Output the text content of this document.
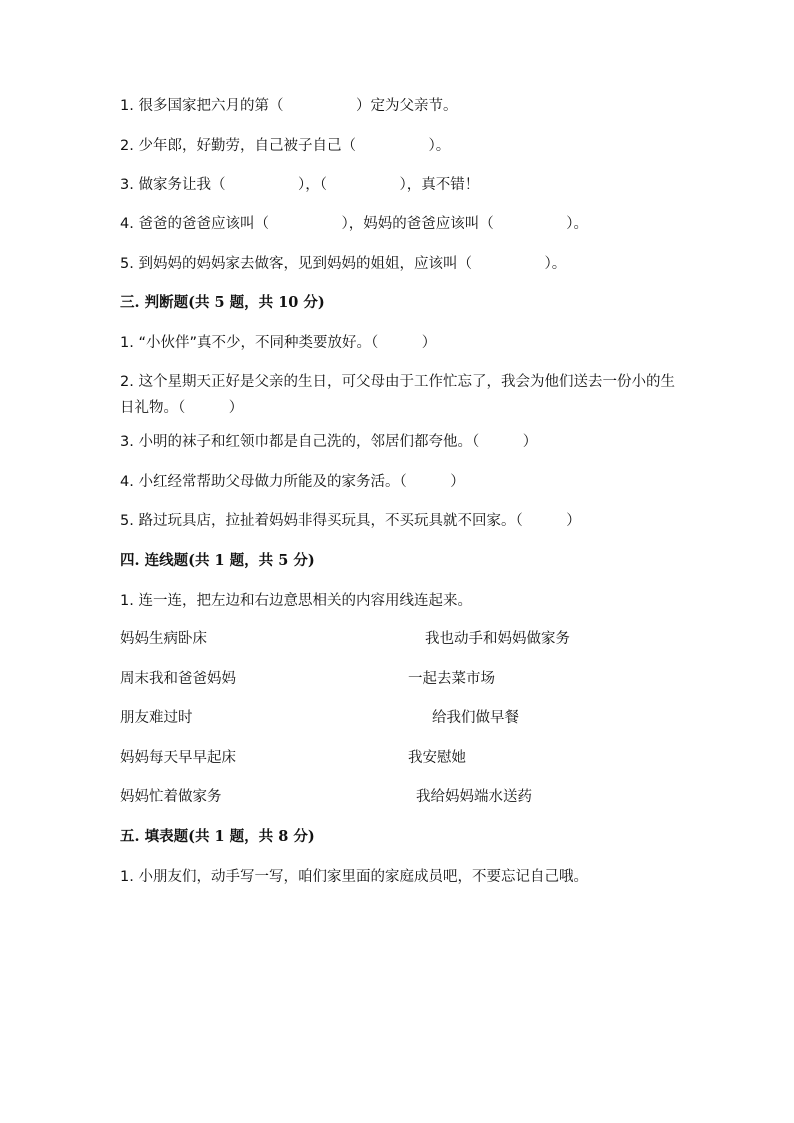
1. 很多国家把六月的第（　　　　　）定为父亲节。
2. 少年郎，好勤劳，自己被子自己（　　　　　）。
3. 做家务让我（　　　　　），（　　　　　），真不错！
4. 爸爸的爸爸应该叫（　　　　　），妈妈的爸爸应该叫（　　　　　）。
5. 到妈妈的妈妈家去做客，见到妈妈的姐姐，应该叫（　　　　　）。
三. 判断题(共 5 题，共 10 分)
1. “小伙伴”真不少，不同种类要放好。（　　　）
2. 这个星期天正好是父亲的生日，可父母由于工作忙忘了，我会为他们送去一份小的生日礼物。（　　　）
3. 小明的袜子和红领巾都是自己洗的，邻居们都夸他。（　　　）
4. 小红经常帮助父母做力所能及的家务活。（　　　）
5. 路过玩具店，拉扯着妈妈非得买玩具，不买玩具就不回家。（　　　）
四. 连线题(共 1 题，共 5 分)
1. 连一连，把左边和右边意思相关的内容用线连起来。
妈妈生病卧床	我也动手和妈妈做家务
周末我和爸爸妈妈	一起去菜市场
朋友难过时	给我们做早餐
妈妈每天早早起床	我安慰她
妈妈忙着做家务	我给妈妈端水送药
五. 填表题(共 1 题，共 8 分)
1. 小朋友们，动手写一写，咱们家里面的家庭成员吧，不要忘记自己哦。
